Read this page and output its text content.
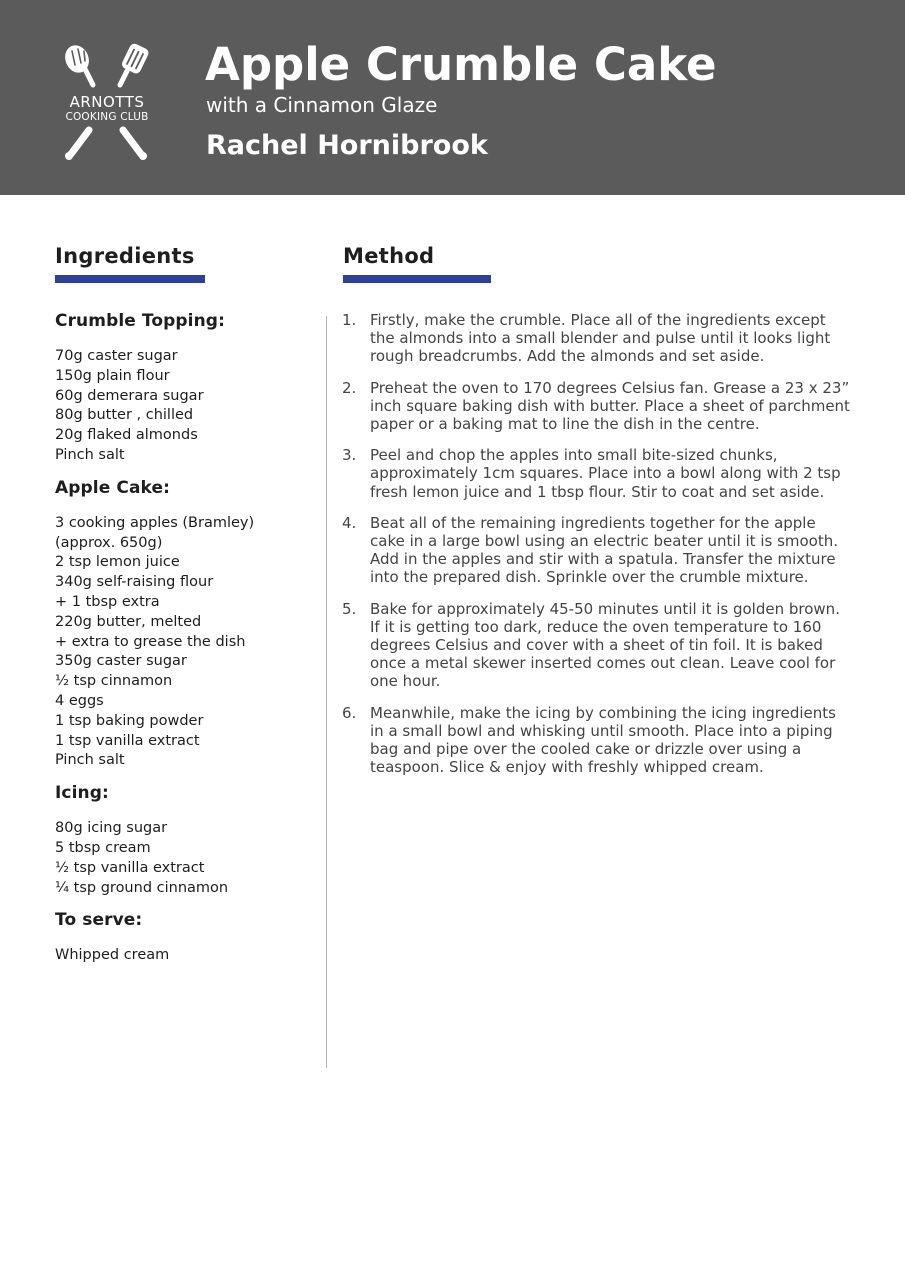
ARNOTTS
COOKING CLUB
Apple Crumble Cake
with a Cinnamon Glaze
Rachel Hornibrook
Ingredients	Method
Crumble Topping:
70g caster sugar
150g plain flour
60g demerara sugar
80g butter , chilled
20g flaked almonds
Pinch salt
Apple Cake:
3 cooking apples (Bramley)
(approx. 650g)
2 tsp lemon juice
340g self-raising flour
+ 1 tbsp extra
220g butter, melted
+ extra to grease the dish
350g caster sugar
½ tsp cinnamon
4 eggs
1 tsp baking powder
1 tsp vanilla extract
Pinch salt
Icing:
80g icing sugar
5 tbsp cream
½ tsp vanilla extract
¼ tsp ground cinnamon
To serve:
Whipped cream
1. Firstly, make the crumble. Place all of the ingredients except the almonds into a small blender and pulse until it looks light rough breadcrumbs. Add the almonds and set aside.
2. Preheat the oven to 170 degrees Celsius fan. Grease a 23 x 23” inch square baking dish with butter. Place a sheet of parchment paper or a baking mat to line the dish in the centre.
3. Peel and chop the apples into small bite-sized chunks, approximately 1cm squares. Place into a bowl along with 2 tsp fresh lemon juice and 1 tbsp flour. Stir to coat and set aside.
4. Beat all of the remaining ingredients together for the apple cake in a large bowl using an electric beater until it is smooth. Add in the apples and stir with a spatula. Transfer the mixture into the prepared dish. Sprinkle over the crumble mixture.
5. Bake for approximately 45-50 minutes until it is golden brown. If it is getting too dark, reduce the oven temperature to 160 degrees Celsius and cover with a sheet of tin foil. It is baked once a metal skewer inserted comes out clean. Leave cool for one hour.
6. Meanwhile, make the icing by combining the icing ingredients in a small bowl and whisking until smooth. Place into a piping bag and pipe over the cooled cake or drizzle over using a teaspoon. Slice & enjoy with freshly whipped cream.
